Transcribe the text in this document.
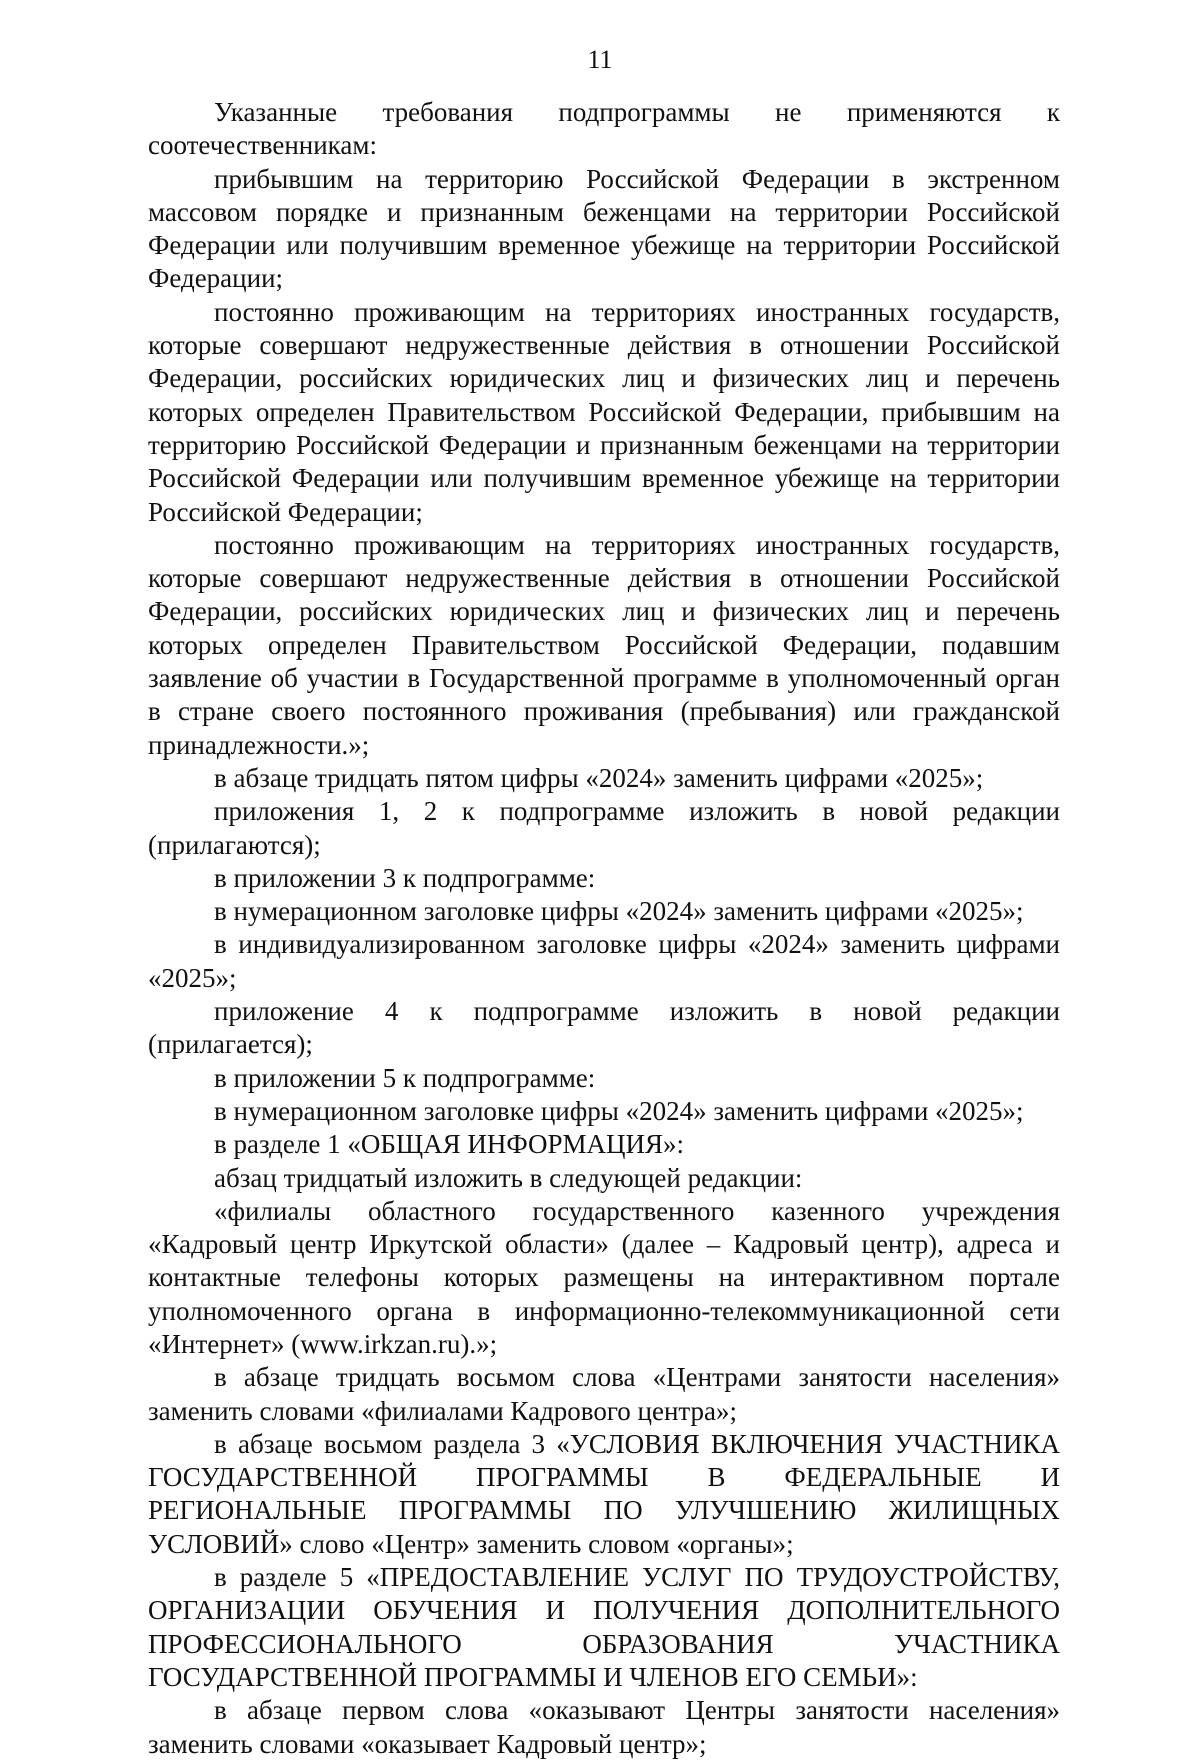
11

Указанные требования подпрограммы не применяются к соотечественникам:

прибывшим на территорию Российской Федерации в экстренном массовом порядке и признанным беженцами на территории Российской Федерации или получившим временное убежище на территории Российской Федерации;

постоянно проживающим на территориях иностранных государств, которые совершают недружественные действия в отношении Российской Федерации, российских юридических лиц и физических лиц и перечень которых определен Правительством Российской Федерации, прибывшим на территорию Российской Федерации и признанным беженцами на территории Российской Федерации или получившим временное убежище на территории Российской Федерации;

постоянно проживающим на территориях иностранных государств, которые совершают недружественные действия в отношении Российской Федерации, российских юридических лиц и физических лиц и перечень которых определен Правительством Российской Федерации, подавшим заявление об участии в Государственной программе в уполномоченный орган в стране своего постоянного проживания (пребывания) или гражданской принадлежности.»;

в абзаце тридцать пятом цифры «2024» заменить цифрами «2025»;

приложения 1, 2 к подпрограмме изложить в новой редакции (прилагаются);

в приложении 3 к подпрограмме:

в нумерационном заголовке цифры «2024» заменить цифрами «2025»;

в индивидуализированном заголовке цифры «2024» заменить цифрами «2025»;

приложение 4 к подпрограмме изложить в новой редакции (прилагается);

в приложении 5 к подпрограмме:

в нумерационном заголовке цифры «2024» заменить цифрами «2025»;

в разделе 1 «ОБЩАЯ ИНФОРМАЦИЯ»:

абзац тридцатый изложить в следующей редакции:

«филиалы областного государственного казенного учреждения «Кадровый центр Иркутской области» (далее – Кадровый центр), адреса и контактные телефоны которых размещены на интерактивном портале уполномоченного органа в информационно-телекоммуникационной сети «Интернет» (www.irkzan.ru).»;

в абзаце тридцать восьмом слова «Центрами занятости населения» заменить словами «филиалами Кадрового центра»;

в абзаце восьмом раздела 3 «УСЛОВИЯ ВКЛЮЧЕНИЯ УЧАСТНИКА ГОСУДАРСТВЕННОЙ ПРОГРАММЫ В ФЕДЕРАЛЬНЫЕ И РЕГИОНАЛЬНЫЕ ПРОГРАММЫ ПО УЛУЧШЕНИЮ ЖИЛИЩНЫХ УСЛОВИЙ» слово «Центр» заменить словом «органы»;

в разделе 5 «ПРЕДОСТАВЛЕНИЕ УСЛУГ ПО ТРУДОУСТРОЙСТВУ, ОРГАНИЗАЦИИ ОБУЧЕНИЯ И ПОЛУЧЕНИЯ ДОПОЛНИТЕЛЬНОГО ПРОФЕССИОНАЛЬНОГО ОБРАЗОВАНИЯ УЧАСТНИКА ГОСУДАРСТВЕННОЙ ПРОГРАММЫ И ЧЛЕНОВ ЕГО СЕМЬИ»:

в абзаце первом слова «оказывают Центры занятости населения» заменить словами «оказывает Кадровый центр»;
